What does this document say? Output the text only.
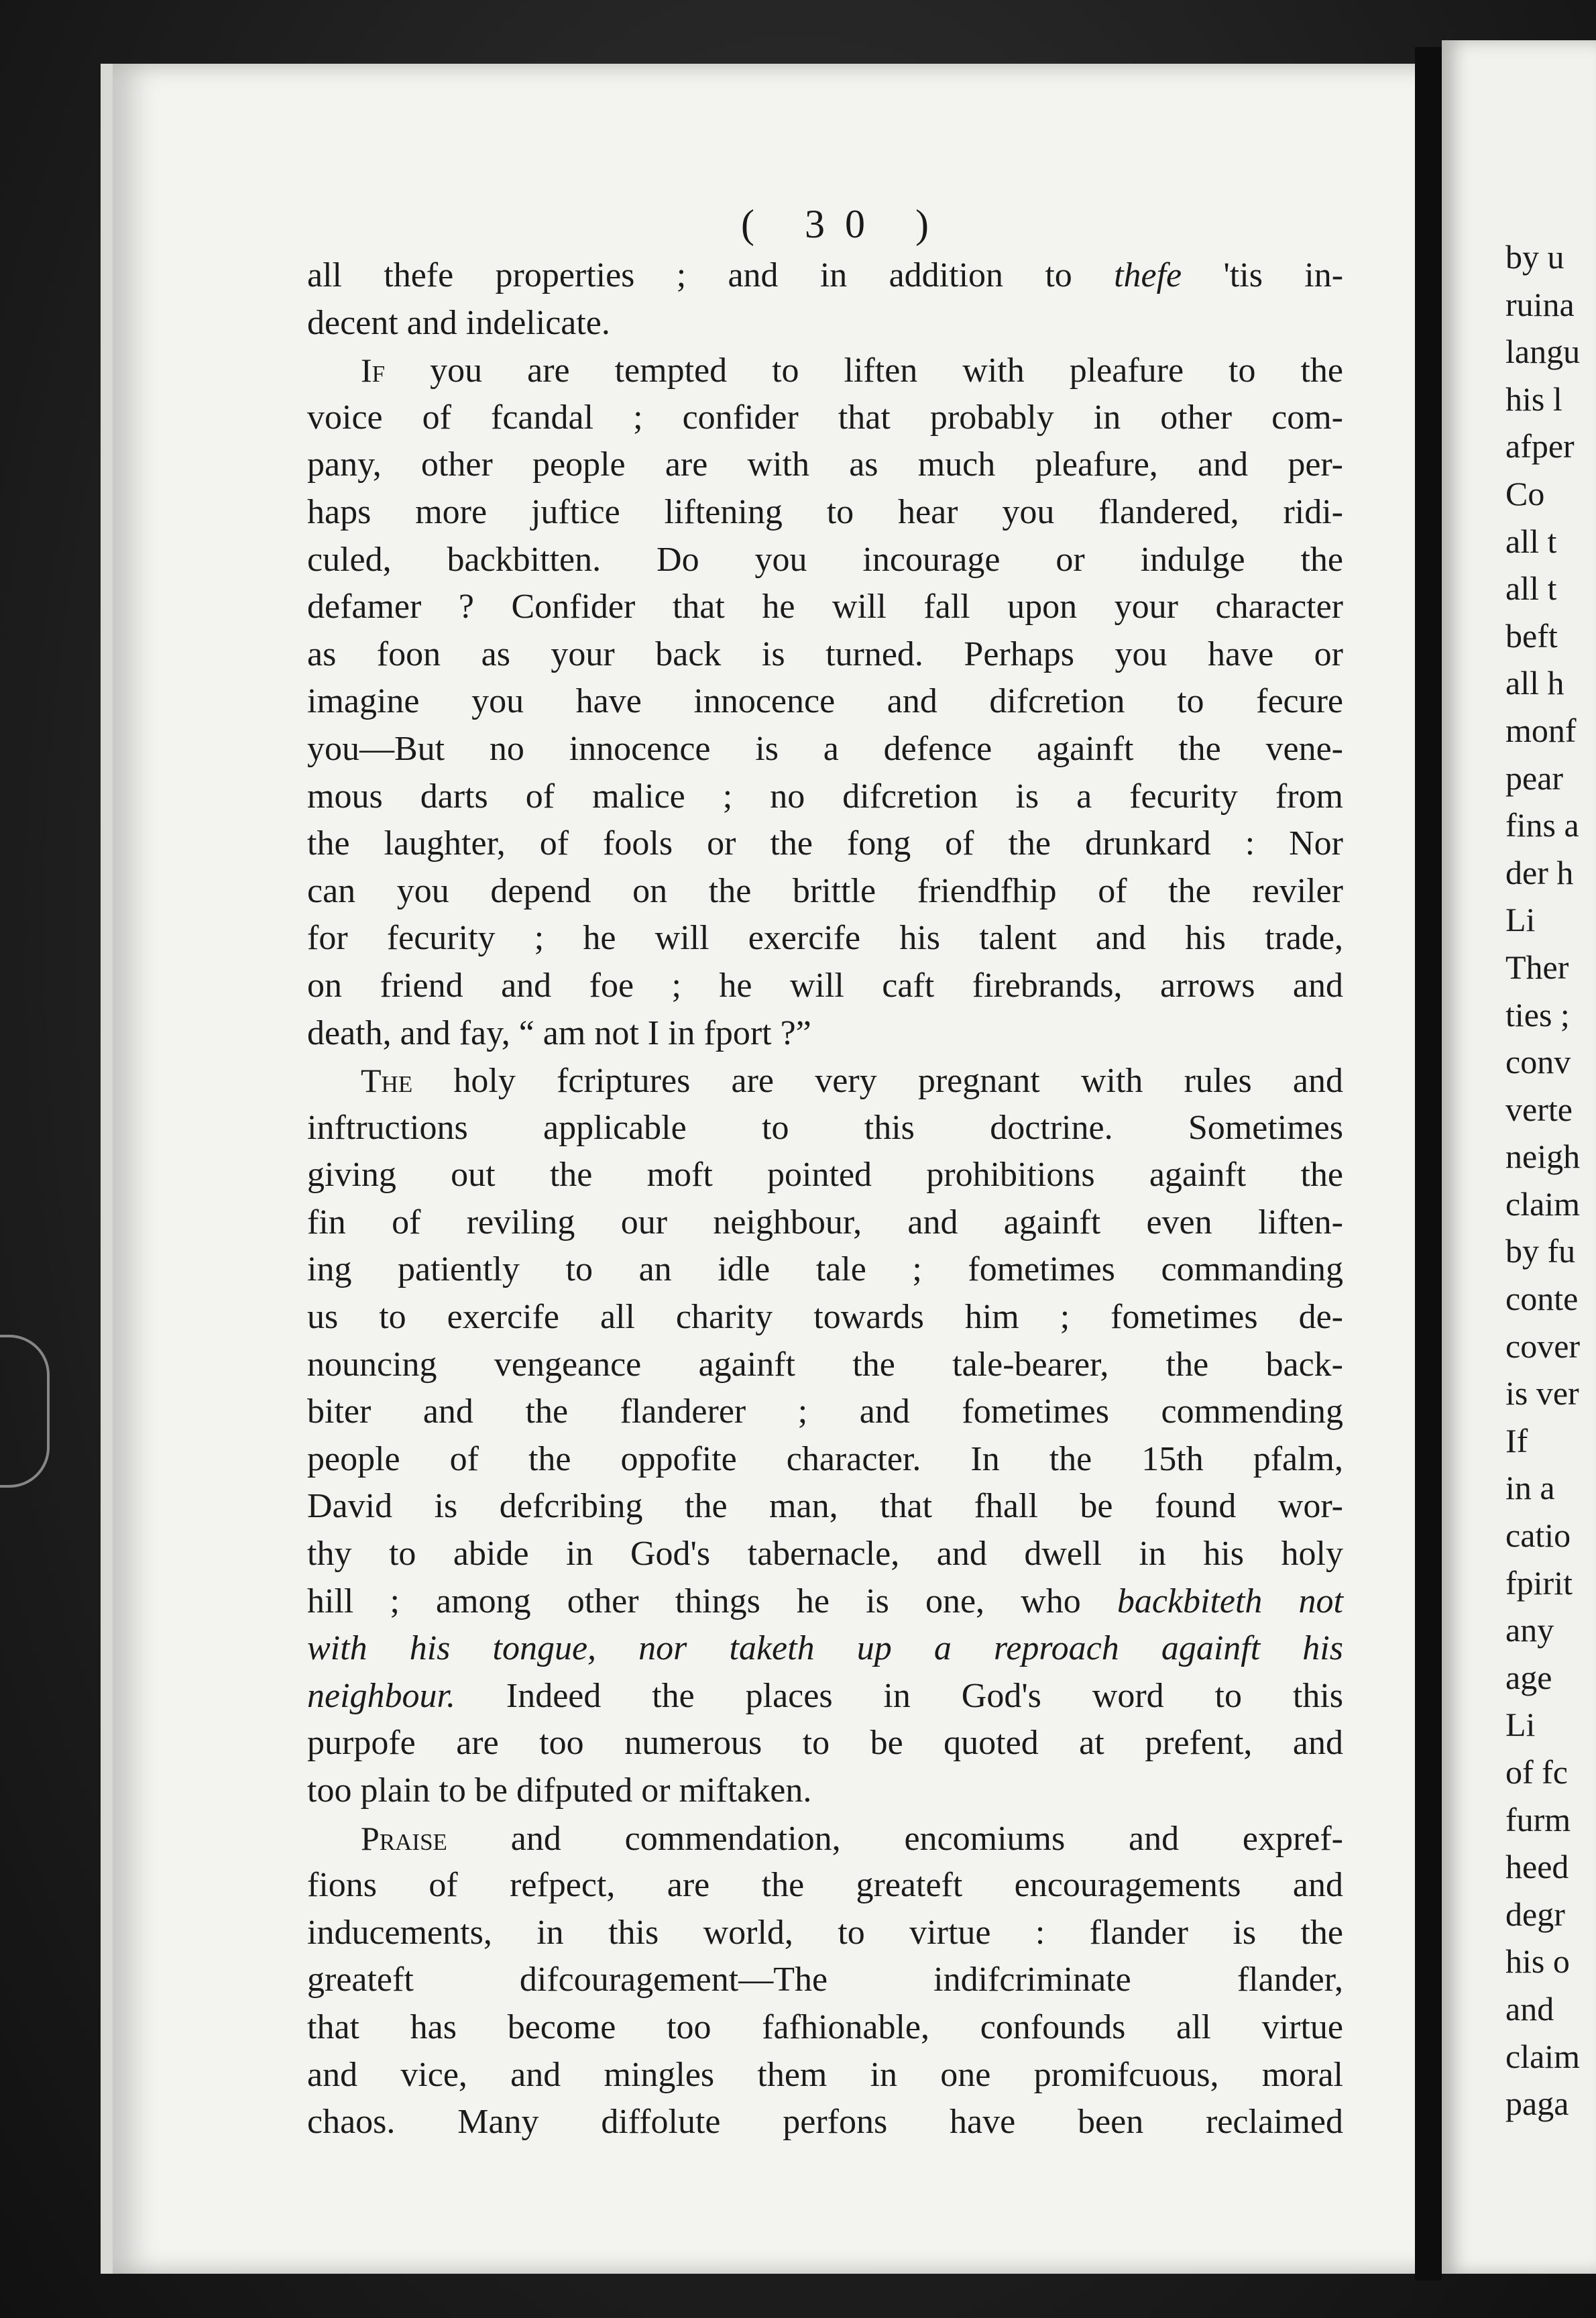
( 30 )
all thefe properties ; and in addition to thefe 'tis in-
decent and indelicate.
If you are tempted to liften with pleafure to the
voice of fcandal ; confider that probably in other com-
pany, other people are with as much pleafure, and per-
haps more juftice liftening to hear you flandered, ridi-
culed, backbitten. Do you incourage or indulge the
defamer ? Confider that he will fall upon your character
as foon as your back is turned. Perhaps you have or
imagine you have innocence and difcretion to fecure
you—But no innocence is a defence againft the vene-
mous darts of malice ; no difcretion is a fecurity from
the laughter, of fools or the fong of the drunkard : Nor
can you depend on the brittle friendfhip of the reviler
for fecurity ; he will exercife his talent and his trade,
on friend and foe ; he will caft firebrands, arrows and
death, and fay, “ am not I in fport ?”
The holy fcriptures are very pregnant with rules and
inftructions applicable to this doctrine. Sometimes
giving out the moft pointed prohibitions againft the
fin of reviling our neighbour, and againft even liften-
ing patiently to an idle tale ; fometimes commanding
us to exercife all charity towards him ; fometimes de-
nouncing vengeance againft the tale-bearer, the back-
biter and the flanderer ; and fometimes commending
people of the oppofite character. In the 15th pfalm,
David is defcribing the man, that fhall be found wor-
thy to abide in God's tabernacle, and dwell in his holy
hill ; among other things he is one, who backbiteth not
with his tongue, nor taketh up a reproach againft his
neighbour. Indeed the places in God's word to this
purpofe are too numerous to be quoted at prefent, and
too plain to be difputed or miftaken.
Praise and commendation, encomiums and expref-
fions of refpect, are the greateft encouragements and
inducements, in this world, to virtue : flander is the
greateft difcouragement—The indifcriminate flander,
that has become too fafhionable, confounds all virtue
and vice, and mingles them in one promifcuous, moral
chaos. Many diffolute perfons have been reclaimed
by u
ruina
langu
his l
afper
Co
all t
all t
beft
all h
monf
pear
fins a
der h
Li
Ther
ties ;
conv
verte
neigh
claim
by fu
conte
cover
is ver
If
in a
catio
fpirit
any
age
Li
of fc
furm
heed
degr
his o
and
claim
paga
